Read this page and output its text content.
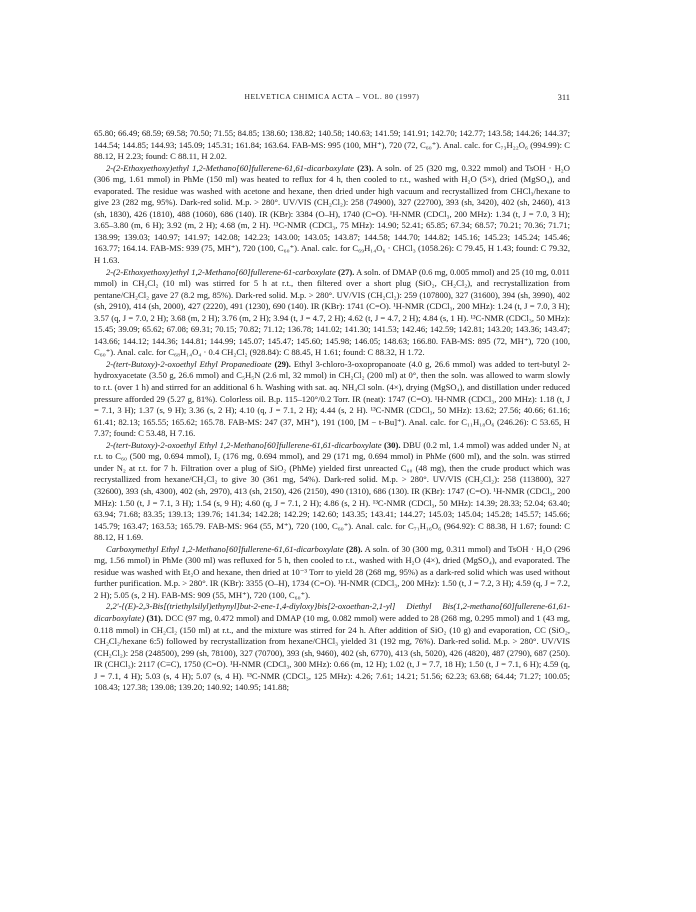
HELVETICA CHIMICA ACTA – VOL. 80 (1997)	311

65.80; 66.49; 68.59; 69.58; 70.50; 71.55; 84.85; 138.60; 138.82; 140.58; 140.63; 141.59; 141.91; 142.70; 142.77; 143.58; 144.26; 144.37; 144.54; 144.85; 144.93; 145.09; 145.31; 161.84; 163.64. FAB-MS: 995 (100, MH⁺), 720 (72, C₆₀⁺). Anal. calc. for C₇₃H₂₂O₆ (994.99): C 88.12, H 2.23; found: C 88.11, H 2.02.

2-(2-Ethoxyethoxy)ethyl 1,2-Methano[60]fullerene-61,61-dicarboxylate (23). A soln. of 25 (320 mg, 0.322 mmol) and TsOH · H₂O (306 mg, 1.61 mmol) in PhMe (150 ml) was heated to reflux for 4 h, then cooled to r.t., washed with H₂O (5×), dried (MgSO₄), and evaporated. The residue was washed with acetone and hexane, then dried under high vacuum and recrystallized from CHCl₃/hexane to give 23 (282 mg, 95%). Dark-red solid. M.p. > 280°. UV/VIS (CH₂Cl₂): 258 (74900), 327 (22700), 393 (sh, 3420), 402 (sh, 2460), 413 (sh, 1830), 426 (1810), 488 (1060), 686 (140). IR (KBr): 3384 (O–H), 1740 (C=O). ¹H-NMR (CDCl₃, 200 MHz): 1.34 (t, J = 7.0, 3 H); 3.65–3.80 (m, 6 H); 3.92 (m, 2 H); 4.68 (m, 2 H). ¹³C-NMR (CDCl₃, 75 MHz): 14.90; 52.41; 65.85; 67.34; 68.57; 70.21; 70.36; 71.71; 138.99; 139.03; 140.97; 141.97; 142.08; 142.23; 143.00; 143.05; 143.87; 144.58; 144.70; 144.82; 145.16; 145.23; 145.24; 145.46; 163.77; 164.14. FAB-MS: 939 (75, MH⁺), 720 (100, C₆₀⁺). Anal. calc. for C₆₉H₁₄O₆ · CHCl₃ (1058.26): C 79.45, H 1.43; found: C 79.32, H 1.63.

2-(2-Ethoxyethoxy)ethyl 1,2-Methano[60]fullerene-61-carboxylate (27). A soln. of DMAP (0.6 mg, 0.005 mmol) and 25 (10 mg, 0.011 mmol) in CH₂Cl₂ (10 ml) was stirred for 5 h at r.t., then filtered over a short plug (SiO₂, CH₂Cl₂), and recrystallization from pentane/CH₂Cl₂ gave 27 (8.2 mg, 85%). Dark-red solid. M.p. > 280°. UV/VIS (CH₂Cl₂): 259 (107800), 327 (31600), 394 (sh, 3990), 402 (sh, 2910), 414 (sh, 2000), 427 (2220), 491 (1230), 690 (140). IR (KBr): 1741 (C=O). ¹H-NMR (CDCl₃, 200 MHz): 1.24 (t, J = 7.0, 3 H); 3.57 (q, J = 7.0, 2 H); 3.68 (m, 2 H); 3.76 (m, 2 H); 3.94 (t, J = 4.7, 2 H); 4.62 (t, J = 4.7, 2 H); 4.84 (s, 1 H). ¹³C-NMR (CDCl₃, 50 MHz): 15.45; 39.09; 65.62; 67.08; 69.31; 70.15; 70.82; 71.12; 136.78; 141.02; 141.30; 141.53; 142.46; 142.59; 142.81; 143.20; 143.36; 143.47; 143.66; 144.12; 144.36; 144.81; 144.99; 145.07; 145.47; 145.60; 145.98; 146.05; 148.63; 166.80. FAB-MS: 895 (72, MH⁺), 720 (100, C₆₀⁺). Anal. calc. for C₆₈H₁₄O₄ · 0.4 CH₂Cl₂ (928.84): C 88.45, H 1.61; found: C 88.32, H 1.72.

2-(tert-Butoxy)-2-oxoethyl Ethyl Propanedioate (29). Ethyl 3-chloro-3-oxopropanoate (4.0 g, 26.6 mmol) was added to tert-butyl 2-hydroxyacetate (3.50 g, 26.6 mmol) and C₅H₅N (2.6 ml, 32 mmol) in CH₂Cl₂ (200 ml) at 0°, then the soln. was allowed to warm slowly to r.t. (over 1 h) and stirred for an additional 6 h. Washing with sat. aq. NH₄Cl soln. (4×), drying (MgSO₄), and distillation under reduced pressure afforded 29 (5.27 g, 81%). Colorless oil. B.p. 115–120°/0.2 Torr. IR (neat): 1747 (C=O). ¹H-NMR (CDCl₃, 200 MHz): 1.18 (t, J = 7.1, 3 H); 1.37 (s, 9 H); 3.36 (s, 2 H); 4.10 (q, J = 7.1, 2 H); 4.44 (s, 2 H). ¹³C-NMR (CDCl₃, 50 MHz): 13.62; 27.56; 40.66; 61.16; 61.41; 82.13; 165.55; 165.62; 165.78. FAB-MS: 247 (37, MH⁺), 191 (100, [M − t-Bu]⁺). Anal. calc. for C₁₁H₁₈O₆ (246.26): C 53.65, H 7.37; found: C 53.48, H 7.16.

2-(tert-Butoxy)-2-oxoethyl Ethyl 1,2-Methano[60]fullerene-61,61-dicarboxylate (30). DBU (0.2 ml, 1.4 mmol) was added under N₂ at r.t. to C₆₀ (500 mg, 0.694 mmol), I₂ (176 mg, 0.694 mmol), and 29 (171 mg, 0.694 mmol) in PhMe (600 ml), and the soln. was stirred under N₂ at r.t. for 7 h. Filtration over a plug of SiO₂ (PhMe) yielded first unreacted C₆₀ (48 mg), then the crude product which was recrystallized from hexane/CH₂Cl₂ to give 30 (361 mg, 54%). Dark-red solid. M.p. > 280°. UV/VIS (CH₂Cl₂): 258 (113800), 327 (32600), 393 (sh, 4300), 402 (sh, 2970), 413 (sh, 2150), 426 (2150), 490 (1310), 686 (130). IR (KBr): 1747 (C=O). ¹H-NMR (CDCl₃, 200 MHz): 1.50 (t, J = 7.1, 3 H); 1.54 (s, 9 H); 4.60 (q, J = 7.1, 2 H); 4.86 (s, 2 H). ¹³C-NMR (CDCl₃, 50 MHz): 14.39; 28.33; 52.04; 63.40; 63.94; 71.68; 83.35; 139.13; 139.76; 141.34; 142.28; 142.29; 142.60; 143.35; 143.41; 144.27; 145.03; 145.04; 145.28; 145.57; 145.66; 145.79; 163.47; 163.53; 165.79. FAB-MS: 964 (55, M⁺), 720 (100, C₆₀⁺). Anal. calc. for C₇₁H₁₆O₆ (964.92): C 88.38, H 1.67; found: C 88.12, H 1.69.

Carboxymethyl Ethyl 1,2-Methano[60]fullerene-61,61-dicarboxylate (28). A soln. of 30 (300 mg, 0.311 mmol) and TsOH · H₂O (296 mg, 1.56 mmol) in PhMe (300 ml) was refluxed for 5 h, then cooled to r.t., washed with H₂O (4×), dried (MgSO₄), and evaporated. The residue was washed with Et₂O and hexane, then dried at 10⁻³ Torr to yield 28 (268 mg, 95%) as a dark-red solid which was used without further purification. M.p. > 280°. IR (KBr): 3355 (O–H), 1734 (C=O). ¹H-NMR (CDCl₃, 200 MHz): 1.50 (t, J = 7.2, 3 H); 4.59 (q, J = 7.2, 2 H); 5.05 (s, 2 H). FAB-MS: 909 (55, MH⁺), 720 (100, C₆₀⁺).

2,2′-{(E)-2,3-Bis[(triethylsilyl)ethynyl]but-2-ene-1,4-diyloxy}bis[2-oxoethan-2,1-yl] Diethyl Bis(1,2-methano[60]fullerene-61,61-dicarboxylate) (31). DCC (97 mg, 0.472 mmol) and DMAP (10 mg, 0.082 mmol) were added to 28 (268 mg, 0.295 mmol) and 1 (43 mg, 0.118 mmol) in CH₂Cl₂ (150 ml) at r.t., and the mixture was stirred for 24 h. After addition of SiO₂ (10 g) and evaporation, CC (SiO₂, CH₂Cl₂/hexane 6:5) followed by recrystallization from hexane/CHCl₃ yielded 31 (192 mg, 76%). Dark-red solid. M.p. > 280°. UV/VIS (CH₂Cl₂): 258 (248500), 299 (sh, 78100), 327 (70700), 393 (sh, 9460), 402 (sh, 6770), 413 (sh, 5020), 426 (4820), 487 (2790), 687 (250). IR (CHCl₃): 2117 (C≡C), 1750 (C=O). ¹H-NMR (CDCl₃, 300 MHz): 0.66 (m, 12 H); 1.02 (t, J = 7.7, 18 H); 1.50 (t, J = 7.1, 6 H); 4.59 (q, J = 7.1, 4 H); 5.03 (s, 4 H); 5.07 (s, 4 H). ¹³C-NMR (CDCl₃, 125 MHz): 4.26; 7.61; 14.21; 51.56; 62.23; 63.68; 64.44; 71.27; 100.05; 108.43; 127.38; 139.08; 139.20; 140.92; 140.95; 141.88;
